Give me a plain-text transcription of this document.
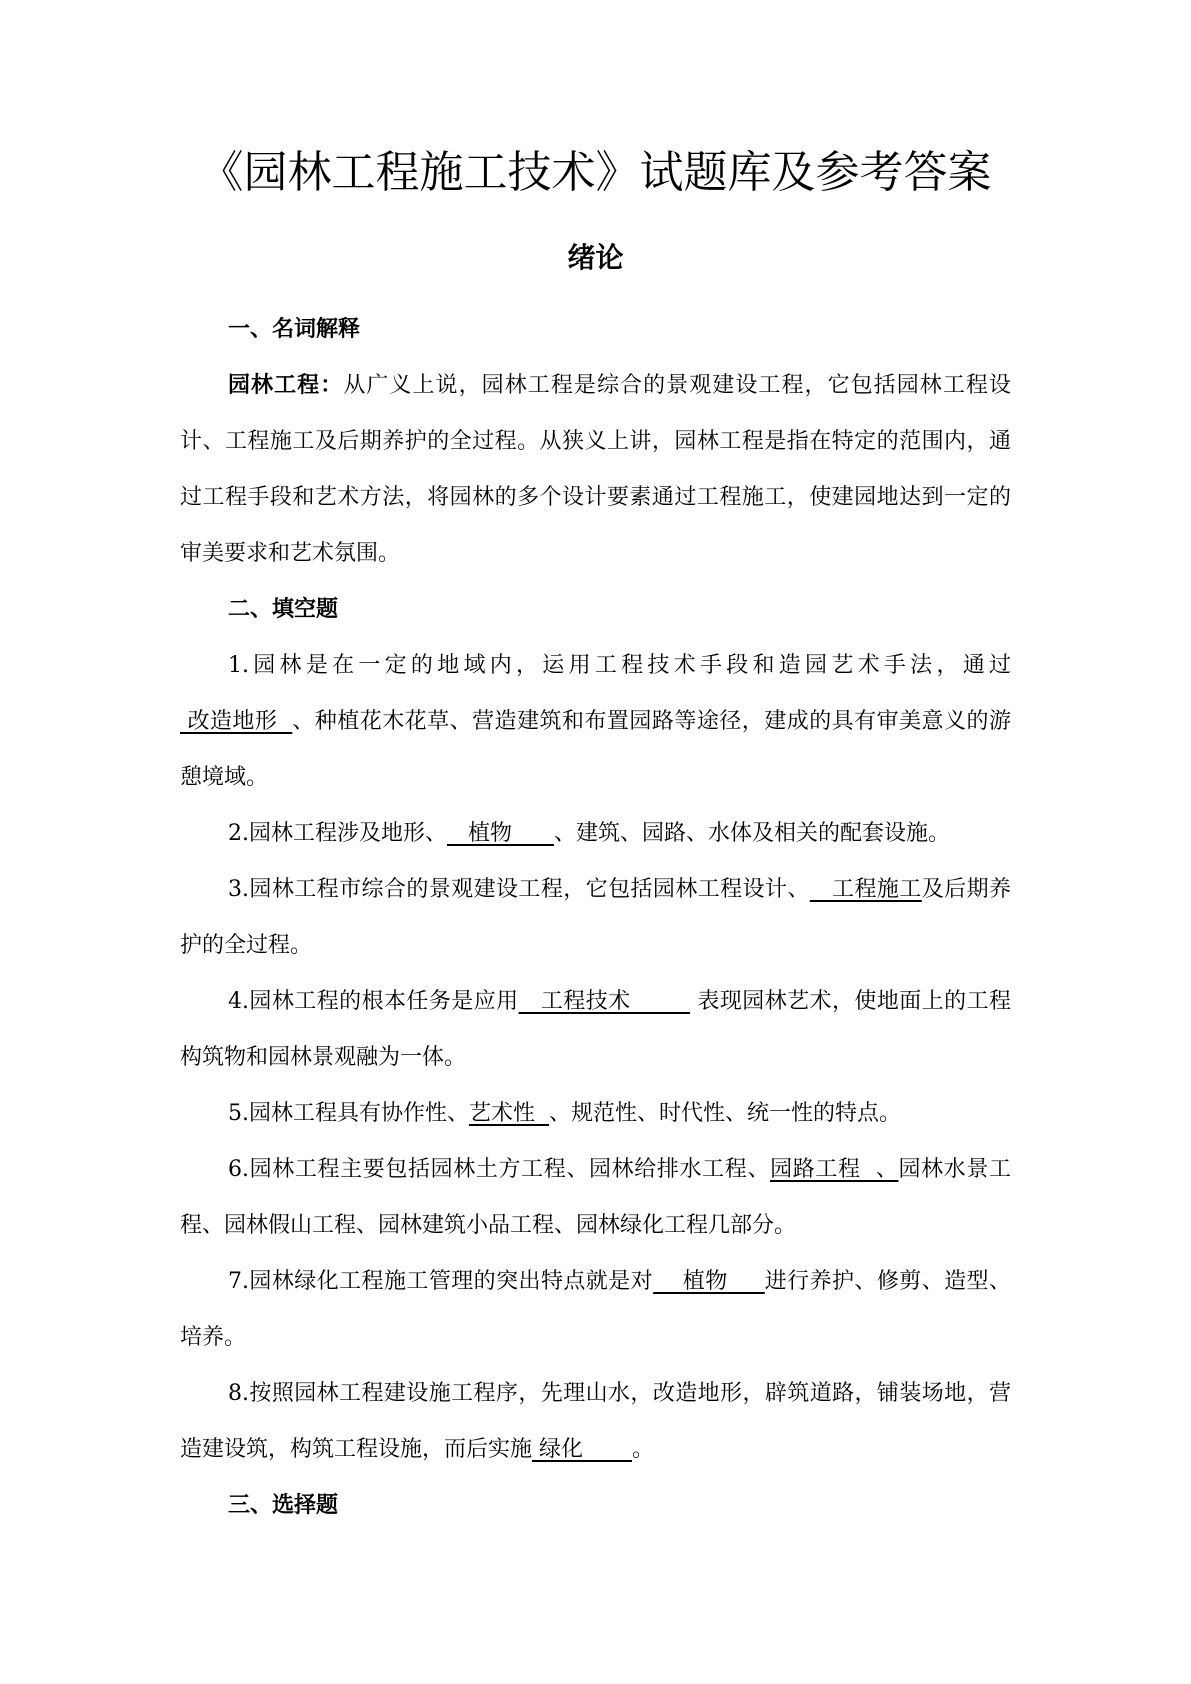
《园林工程施工技术》试题库及参考答案
绪论

一、名词解释

园林工程：从广义上说，园林工程是综合的景观建设工程，它包括园林工程设计、工程施工及后期养护的全过程。从狭义上讲，园林工程是指在特定的范围内，通过工程手段和艺术方法，将园林的多个设计要素通过工程施工，使建园地达到一定的审美要求和艺术氛围。

二、填空题

1.园林是在一定的地域内，运用工程技术手段和造园艺术手法，通过 改造地形  、种植花木花草、营造建筑和布置园路等途径，建成的具有审美意义的游憩境域。

2.园林工程涉及地形、   植物      、建筑、园路、水体及相关的配套设施。

3.园林工程市综合的景观建设工程，它包括园林工程设计、   工程施工及后期养护的全过程。

4.园林工程的根本任务是应用   工程技术         表现园林艺术，使地面上的工程构筑物和园林景观融为一体。

5.园林工程具有协作性、艺术性  、规范性、时代性、统一性的特点。

6.园林工程主要包括园林土方工程、园林给排水工程、园路工程  、园林水景工程、园林假山工程、园林建筑小品工程、园林绿化工程几部分。

7.园林绿化工程施工管理的突出特点就是对    植物     进行养护、修剪、造型、培养。

8.按照园林工程建设施工程序，先理山水，改造地形，辟筑道路，铺装场地，营造建设筑，构筑工程设施，而后实施 绿化       。

三、选择题
